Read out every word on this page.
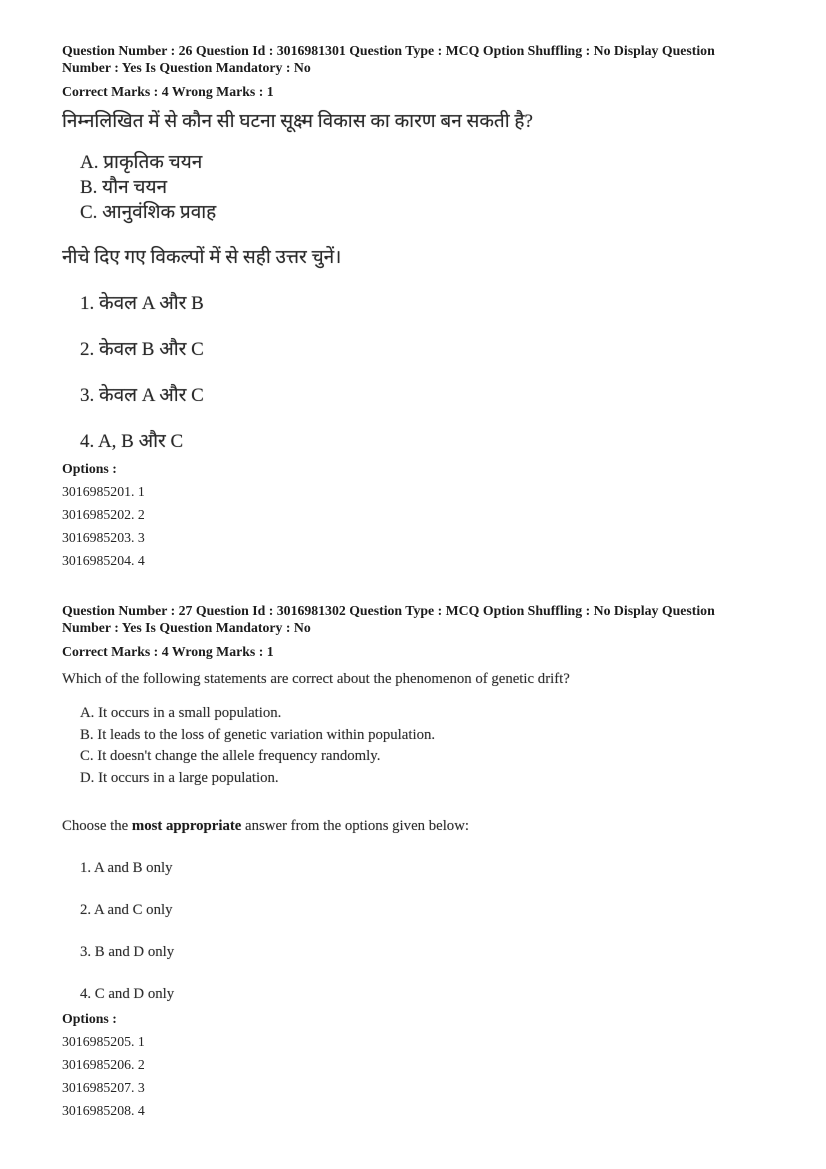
Question Number : 26 Question Id : 3016981301 Question Type : MCQ Option Shuffling : No Display Question
Number : Yes Is Question Mandatory : No
Correct Marks : 4 Wrong Marks : 1
निम्नलिखित में से कौन सी घटना सूक्ष्म विकास का कारण बन सकती है?
A. प्राकृतिक चयन
B. यौन चयन
C. आनुवंशिक प्रवाह
नीचे दिए गए विकल्पों में से सही उत्तर चुनें।
1. केवल A और B
2. केवल B और C
3. केवल A और C
4. A, B और C
Options :
3016985201. 1
3016985202. 2
3016985203. 3
3016985204. 4
Question Number : 27 Question Id : 3016981302 Question Type : MCQ Option Shuffling : No Display Question
Number : Yes Is Question Mandatory : No
Correct Marks : 4 Wrong Marks : 1
Which of the following statements are correct about the phenomenon of genetic drift?
A. It occurs in a small population.
B. It leads to the loss of genetic variation within population.
C. It doesn't change the allele frequency randomly.
D. It occurs in a large population.
Choose the most appropriate answer from the options given below:
1. A and B only
2. A and C only
3. B and D only
4. C and D only
Options :
3016985205. 1
3016985206. 2
3016985207. 3
3016985208. 4
